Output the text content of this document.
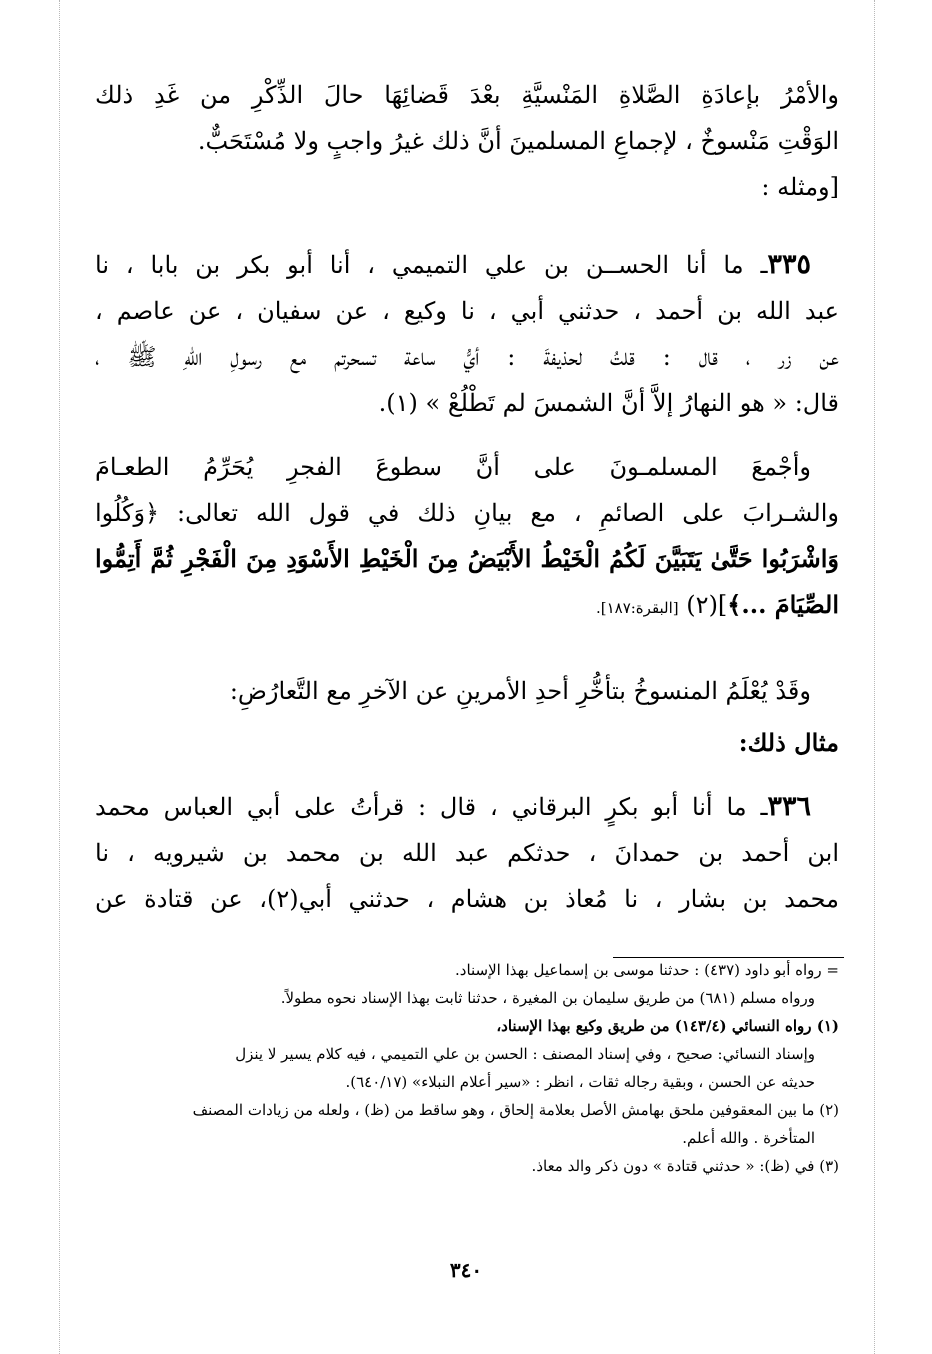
والأمْرُ بإعادَةِ الصَّلاةِ المَنْسيَّةِ بعْدَ قَضائِهَا حالَ الذِّكْرِ من غَدِ ذلك
الوَقْتِ مَنْسوخٌ ، لإجماعِ المسلمينَ أنَّ ذلك غيرُ واجبٍ ولا مُسْتَحَبٌّ.
[ومثله :
٣٣٥ـ ما أنا الحســن بن علي التميمي ، أنا أبو بكر بن بابا ، نا
عبد الله بن أحمد ، حدثني أبي ، نا وكيع ، عن سفيان ، عن عاصم ،
عن زر ، قال : قلتُ لحذيفةَ : أيُّ ساعة تسحرتم مع رسولِ اللهِ ﷺ ،
قال: « هو النهارُ إلاَّ أنَّ الشمسَ لم تَطْلُعْ » (١).
وأجْمعَ المسلمـونَ على أنَّ سطوعَ الفجرِ يُحَرِّمُ الطعـامَ
والشـرابَ على الصائمِ ، مع بيانِ ذلك في قول الله تعالى: ﴿وَكُلُوا
وَاشْرَبُوا حَتَّىٰ يَتَبَيَّنَ لَكُمُ الْخَيْطُ الأَبْيَضُ مِنَ الْخَيْطِ الأَسْوَدِ مِنَ الْفَجْرِ ثُمَّ أَتِمُّوا
الصِّيَامَ ...﴾](٢) [البقرة:١٨٧].
وقَدْ يُعْلَمُ المنسوخُ بتأخُّرِ أحدِ الأمرينِ عن الآخرِ مع التَّعارُضِ:
مثال ذلك:
٣٣٦ـ ما أنا أبو بكرٍ البرقاني ، قال : قرأتُ على أبي العباس محمد
ابن أحمد بن حمدانَ ، حدثكم عبد الله بن محمد بن شيرويه ، نا
محمد بن بشار ، نا مُعاذ بن هشام ، حدثني أبي(٢)، عن قتادة عن
= رواه أبو داود (٤٣٧) : حدثنا موسى بن إسماعيل بهذا الإسناد.
ورواه مسلم (٦٨١) من طريق سليمان بن المغيرة ، حدثنا ثابت بهذا الإسناد نحوه مطولاً.
(١) رواه النسائي (١٤٣/٤) من طريق وكيع بهذا الإسناد،
وإسناد النسائي: صحيح ، وفي إسناد المصنف : الحسن بن علي التميمي ، فيه كلام يسير لا ينزل
حديثه عن الحسن ، وبقية رجاله ثقات ، انظر : «سير أعلام النبلاء» (٦٤٠/١٧).
(٢) ما بين المعقوفين ملحق بهامش الأصل بعلامة إلحاق ، وهو ساقط من (ظ) ، ولعله من زيادات المصنف
المتأخرة . والله أعلم.
(٣) في (ظ): « حدثني قتادة » دون ذكر والد معاذ.
٣٤٠
